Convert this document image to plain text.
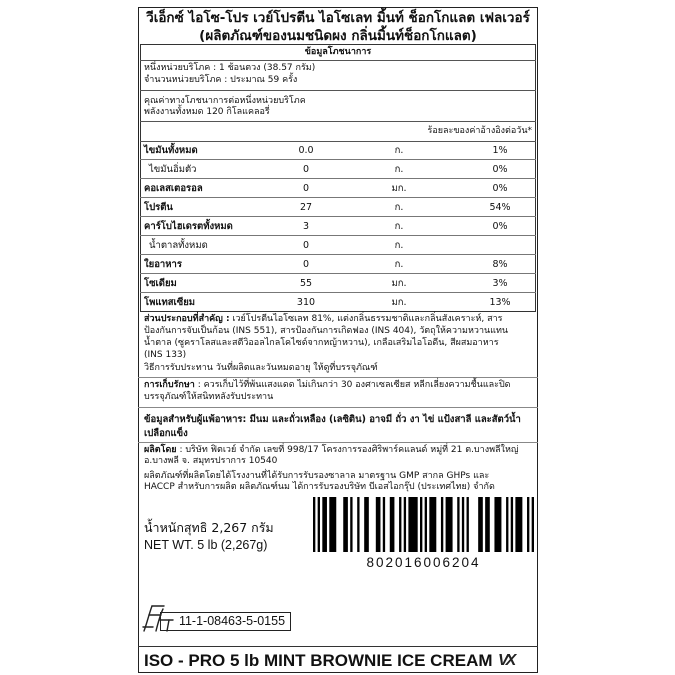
วีเอ็กซ์ ไอโซ-โปร เวย์โปรตีน ไอโซเลท มิ้นท์ ช็อกโกแลต เฟลเวอร์
(ผลิตภัณฑ์ของนมชนิดผง กลิ่นมิ้นท์ช็อกโกแลต)
ข้อมูลโภชนาการ
หนึ่งหน่วยบริโภค : 1 ช้อนตวง (38.57 กรัม)
จำนวนหน่วยบริโภค : ประมาณ 59 ครั้ง
คุณค่าทางโภชนาการต่อหนึ่งหน่วยบริโภค
พลังงานทั้งหมด 120 กิโลแคลอรี่
ร้อยละของค่าอ้างอิงต่อวัน*
ไขมันทั้งหมด	0.0	ก.	1%
ไขมันอิ่มตัว	0	ก.	0%
คอเลสเตอรอล	0	มก.	0%
โปรตีน	27	ก.	54%
คาร์โบไฮเดรตทั้งหมด	3	ก.	0%
น้ำตาลทั้งหมด	0	ก.
ใยอาหาร	0	ก.	8%
โซเดียม	55	มก.	3%
โพแทสเซียม	310	มก.	13%
ส่วนประกอบที่สำคัญ : เวย์โปรตีนไอโซเลท 81%, แต่งกลิ่นธรรมชาติและกลิ่นสังเคราะห์, สาร
ป้องกันการจับเป็นก้อน (INS 551), สารป้องกันการเกิดฟอง (INS 404), วัตถุให้ความหวานแทน
น้ำตาล (ซูคราโลสและสตีวิออลไกลโคไซด์จากหญ้าหวาน), เกลือเสริมไอโอดีน, สีผสมอาหาร
(INS 133)
วิธีการรับประทาน วันที่ผลิตและวันหมดอายุ ให้ดูที่บรรจุภัณฑ์
การเก็บรักษา : ควรเก็บไว้ที่พ้นแสงแดด ไม่เกินกว่า 30 องศาเซลเซียส หลีกเลี่ยงความชื้นและปิด
บรรจุภัณฑ์ให้สนิทหลังรับประทาน
ข้อมูลสำหรับผู้แพ้อาหาร: มีนม และถั่วเหลือง (เลซิติน) อาจมี ถั่ว งา ไข่ แป้งสาลี และสัตว์น้ำ
เปลือกแข็ง
ผลิตโดย : บริษัท ฟิตเวย์ จำกัด เลขที่ 998/17 โครงการรองศิริพาร์คแลนด์ หมู่ที่ 21 ต.บางพลีใหญ่
อ.บางพลี จ. สมุทรปราการ 10540
ผลิตภัณฑ์ที่ผลิตโดยได้โรงงานที่ได้รับการรับรองซาลาล มาตรฐาน GMP สากล GHPs และ
HACCP สำหรับการผลิต ผลิตภัณฑ์นม ได้การรับรองบริษัท บีเอสไอกรุ๊ป (ประเทศไทย) จำกัด
น้ำหนักสุทธิ 2,267 กรัม
NET WT. 5 lb (2,267g)
802016006204
11-1-08463-5-0155
ISO - PRO 5 lb MINT BROWNIE ICE CREAM VX
